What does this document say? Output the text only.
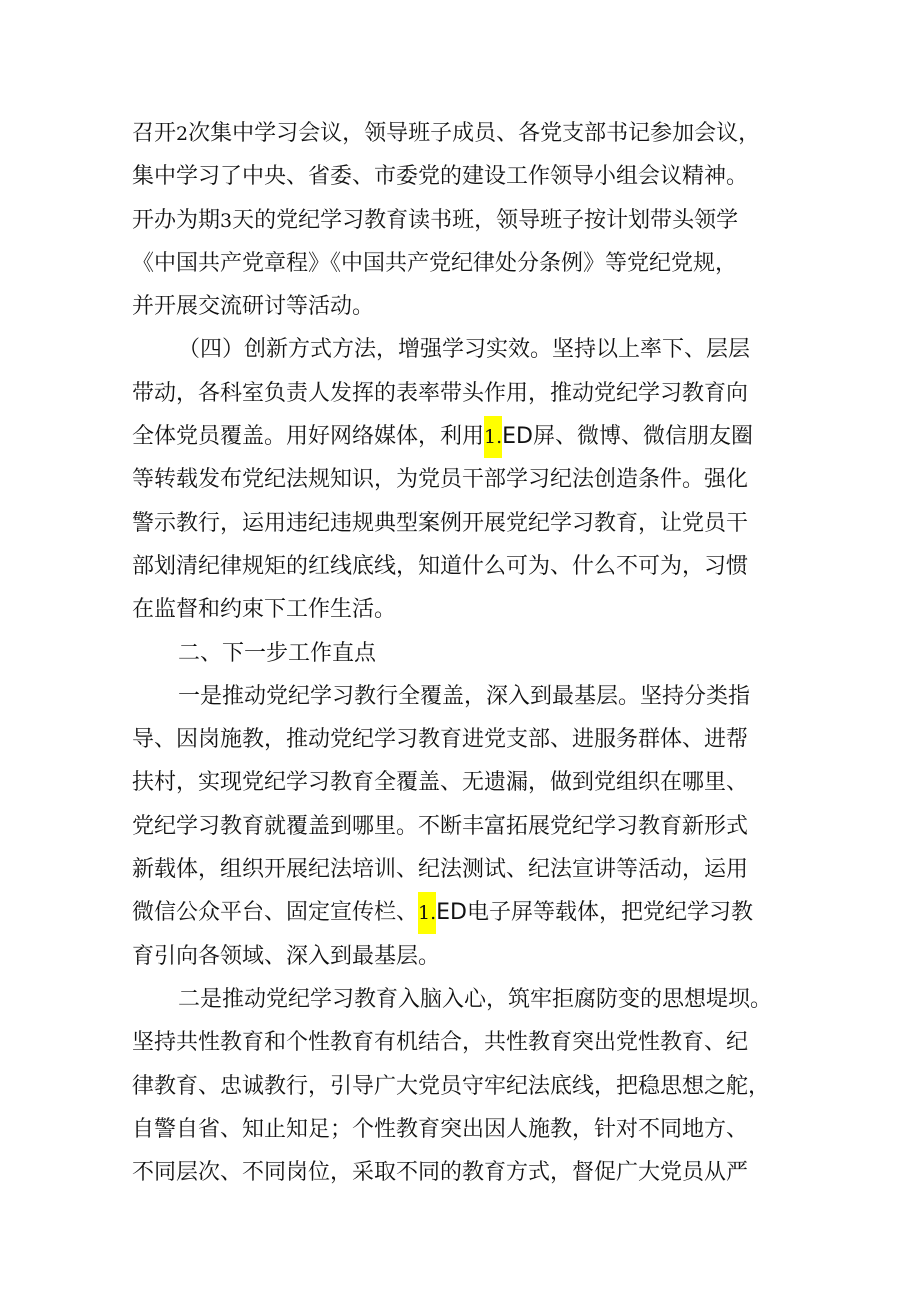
召开2次集中学习会议，领导班子成员、各党支部书记参加会议，
集中学习了中央、省委、市委党的建设工作领导小组会议精神。
开办为期3天的党纪学习教育读书班，领导班子按计划带头领学
《中国共产党章程》《中国共产党纪律处分条例》等党纪党规，
并开展交流研讨等活动。
（四）创新方式方法，增强学习实效。坚持以上率下、层层
带动，各科室负责人发挥的表率带头作用，推动党纪学习教育向
全体党员覆盖。用好网络媒体，利用1.ED屏、微博、微信朋友圈
等转载发布党纪法规知识，为党员干部学习纪法创造条件。强化
警示教行，运用违纪违规典型案例开展党纪学习教育，让党员干
部划清纪律规矩的红线底线，知道什么可为、什么不可为，习惯
在监督和约束下工作生活。
二、下一步工作直点
一是推动党纪学习教行全覆盖，深入到最基层。坚持分类指
导、因岗施教，推动党纪学习教育进党支部、进服务群体、进帮
扶村，实现党纪学习教育全覆盖、无遗漏，做到党组织在哪里、
党纪学习教育就覆盖到哪里。不断丰富拓展党纪学习教育新形式
新载体，组织开展纪法培训、纪法测试、纪法宣讲等活动，运用
微信公众平台、固定宣传栏、1.ED电子屏等载体，把党纪学习教
育引向各领域、深入到最基层。
二是推动党纪学习教育入脑入心，筑牢拒腐防变的思想堤坝。
坚持共性教育和个性教育有机结合，共性教育突出党性教育、纪
律教育、忠诚教行，引导广大党员守牢纪法底线，把稳思想之舵，
自警自省、知止知足；个性教育突出因人施教，针对不同地方、
不同层次、不同岗位，采取不同的教育方式，督促广大党员从严
